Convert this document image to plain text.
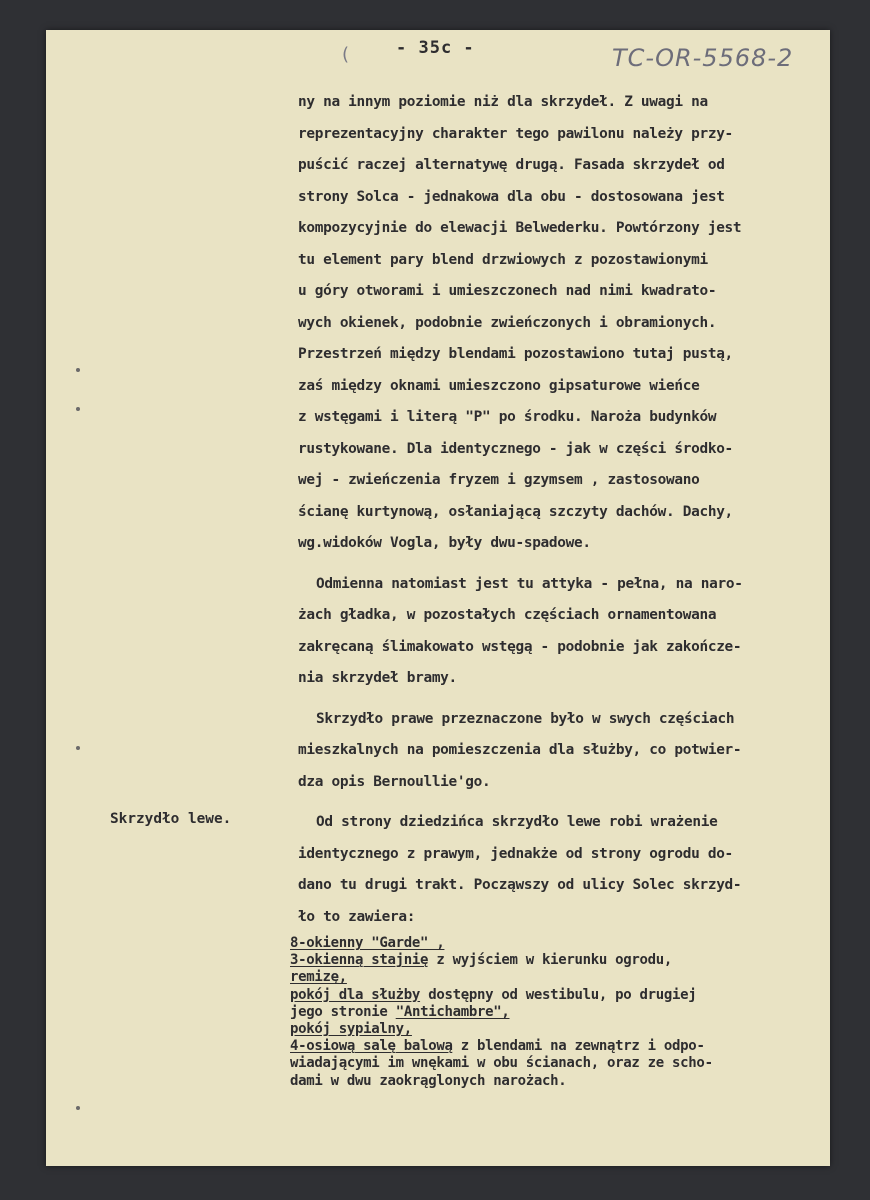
(	- 35c -	TC-OR-5568-2
Skrzydło lewe.
ny na innym poziomie niż dla skrzydeł. Z uwagi na
reprezentacyjny charakter tego pawilonu należy przy-
puścić raczej alternatywę drugą. Fasada skrzydeł od
strony Solca - jednakowa dla obu - dostosowana jest
kompozycyjnie do elewacji Belwederku. Powtórzony jest
tu element pary blend drzwiowych z pozostawionymi
u góry otworami i umieszczonech nad nimi kwadrato-
wych okienek, podobnie zwieńczonych i obramionych.
Przestrzeń między blendami pozostawiono tutaj pustą,
zaś między oknami umieszczono gipsaturowe wieńce
z wstęgami i literą "P" po środku. Naroża budynków
rustykowane. Dla identycznego - jak w części środko-
wej - zwieńczenia fryzem i gzymsem , zastosowano
ścianę kurtynową, osłaniającą szczyty dachów. Dachy,
wg.widoków Vogla, były dwu-spadowe.
Odmienna natomiast jest tu attyka - pełna, na naro-
żach gładka, w pozostałych częściach ornamentowana
zakręcaną ślimakowato wstęgą - podobnie jak zakończe-
nia skrzydeł bramy.
Skrzydło prawe przeznaczone było w swych częściach
mieszkalnych na pomieszczenia dla służby, co potwier-
dza opis Bernoullie'go.
Od strony dziedzińca skrzydło lewe robi wrażenie
identycznego z prawym, jednakże od strony ogrodu do-
dano tu drugi trakt. Począwszy od ulicy Solec skrzyd-
ło to zawiera:
8-okienny "Garde" ,
3-okienną stajnię z wyjściem w kierunku ogrodu,
remizę,
pokój dla służby dostępny od westibulu, po drugiej
jego stronie "Antichambre",
pokój sypialny,
4-osiową salę balową z blendami na zewnątrz i odpo-
wiadającymi im wnękami w obu ścianach, oraz ze scho-
dami w dwu zaokrąglonych narożach.
